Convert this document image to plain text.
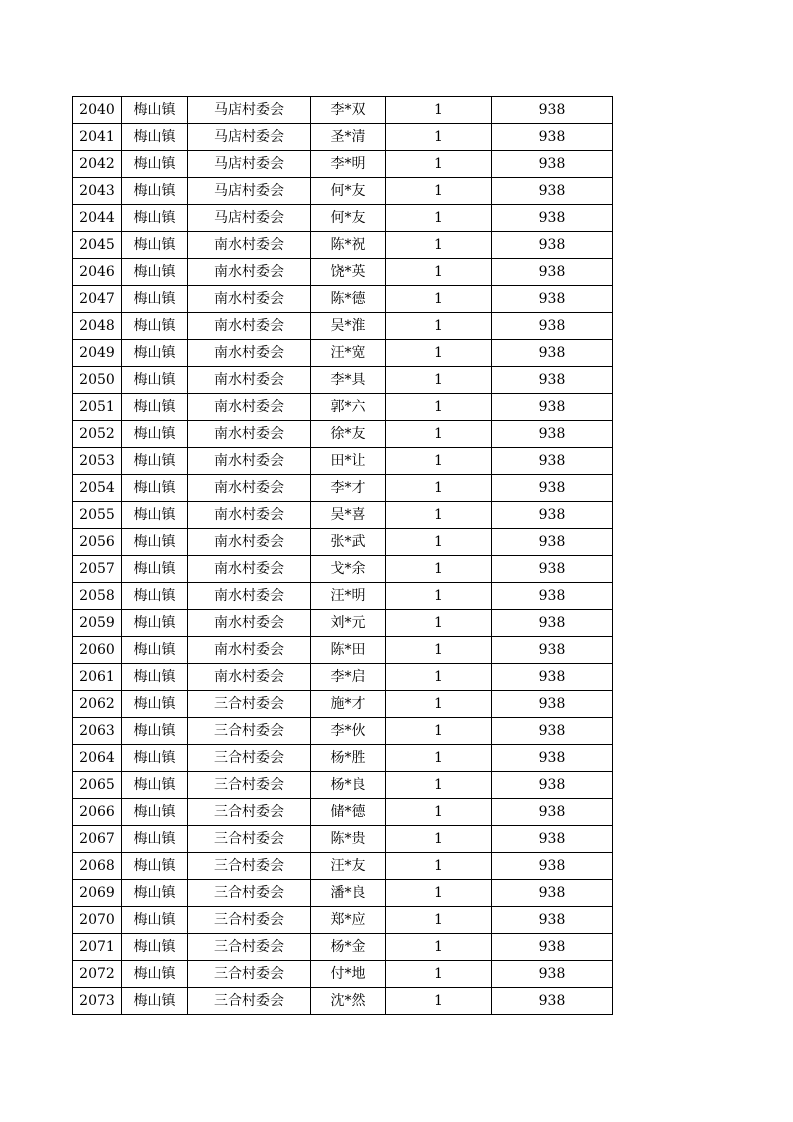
2040	梅山镇	马店村委会	李*双	1	938
2041	梅山镇	马店村委会	圣*清	1	938
2042	梅山镇	马店村委会	李*明	1	938
2043	梅山镇	马店村委会	何*友	1	938
2044	梅山镇	马店村委会	何*友	1	938
2045	梅山镇	南水村委会	陈*祝	1	938
2046	梅山镇	南水村委会	饶*英	1	938
2047	梅山镇	南水村委会	陈*德	1	938
2048	梅山镇	南水村委会	吴*淮	1	938
2049	梅山镇	南水村委会	汪*宽	1	938
2050	梅山镇	南水村委会	李*具	1	938
2051	梅山镇	南水村委会	郭*六	1	938
2052	梅山镇	南水村委会	徐*友	1	938
2053	梅山镇	南水村委会	田*让	1	938
2054	梅山镇	南水村委会	李*才	1	938
2055	梅山镇	南水村委会	吴*喜	1	938
2056	梅山镇	南水村委会	张*武	1	938
2057	梅山镇	南水村委会	戈*余	1	938
2058	梅山镇	南水村委会	汪*明	1	938
2059	梅山镇	南水村委会	刘*元	1	938
2060	梅山镇	南水村委会	陈*田	1	938
2061	梅山镇	南水村委会	李*启	1	938
2062	梅山镇	三合村委会	施*才	1	938
2063	梅山镇	三合村委会	李*伙	1	938
2064	梅山镇	三合村委会	杨*胜	1	938
2065	梅山镇	三合村委会	杨*良	1	938
2066	梅山镇	三合村委会	储*德	1	938
2067	梅山镇	三合村委会	陈*贵	1	938
2068	梅山镇	三合村委会	汪*友	1	938
2069	梅山镇	三合村委会	潘*良	1	938
2070	梅山镇	三合村委会	郑*应	1	938
2071	梅山镇	三合村委会	杨*金	1	938
2072	梅山镇	三合村委会	付*地	1	938
2073	梅山镇	三合村委会	沈*然	1	938
